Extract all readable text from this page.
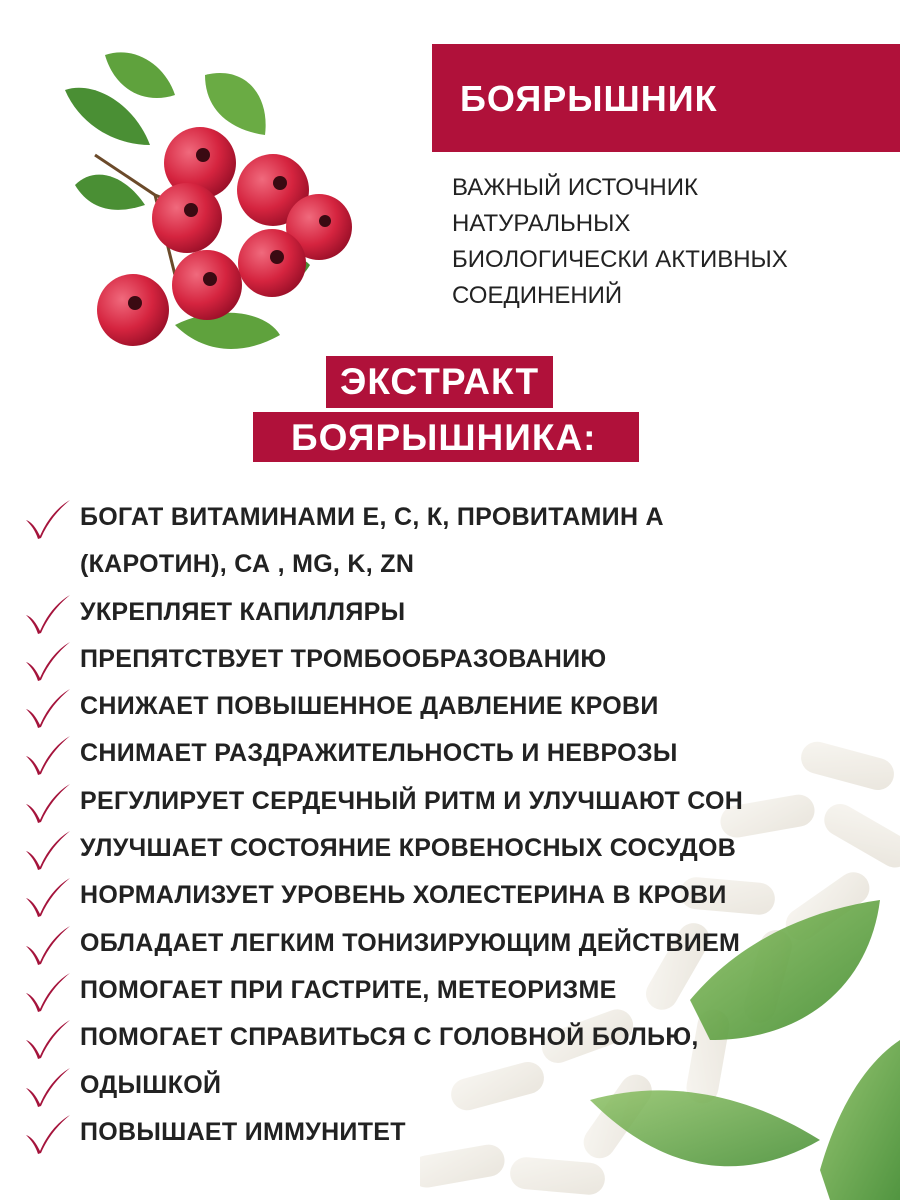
БОЯРЫШНИК
ВАЖНЫЙ ИСТОЧНИК
НАТУРАЛЬНЫХ
БИОЛОГИЧЕСКИ АКТИВНЫХ
СОЕДИНЕНИЙ
ЭКСТРАКТ
БОЯРЫШНИКА:
БОГАТ ВИТАМИНАМИ Е, С, К, ПРОВИТАМИН А
(КАРОТИН), СА , MG, K, ZN
УКРЕПЛЯЕТ КАПИЛЛЯРЫ
ПРЕПЯТСТВУЕТ ТРОМБООБРАЗОВАНИЮ
СНИЖАЕТ ПОВЫШЕННОЕ ДАВЛЕНИЕ КРОВИ
СНИМАЕТ РАЗДРАЖИТЕЛЬНОСТЬ И НЕВРОЗЫ
РЕГУЛИРУЕТ СЕРДЕЧНЫЙ РИТМ И УЛУЧШАЮТ СОН
УЛУЧШАЕТ СОСТОЯНИЕ КРОВЕНОСНЫХ СОСУДОВ
НОРМАЛИЗУЕТ УРОВЕНЬ ХОЛЕСТЕРИНА В КРОВИ
ОБЛАДАЕТ ЛЕГКИМ ТОНИЗИРУЮЩИМ ДЕЙСТВИЕМ
ПОМОГАЕТ ПРИ ГАСТРИТЕ, МЕТЕОРИЗМЕ
ПОМОГАЕТ СПРАВИТЬСЯ С ГОЛОВНОЙ БОЛЬЮ,
ОДЫШКОЙ
ПОВЫШАЕТ ИММУНИТЕТ
